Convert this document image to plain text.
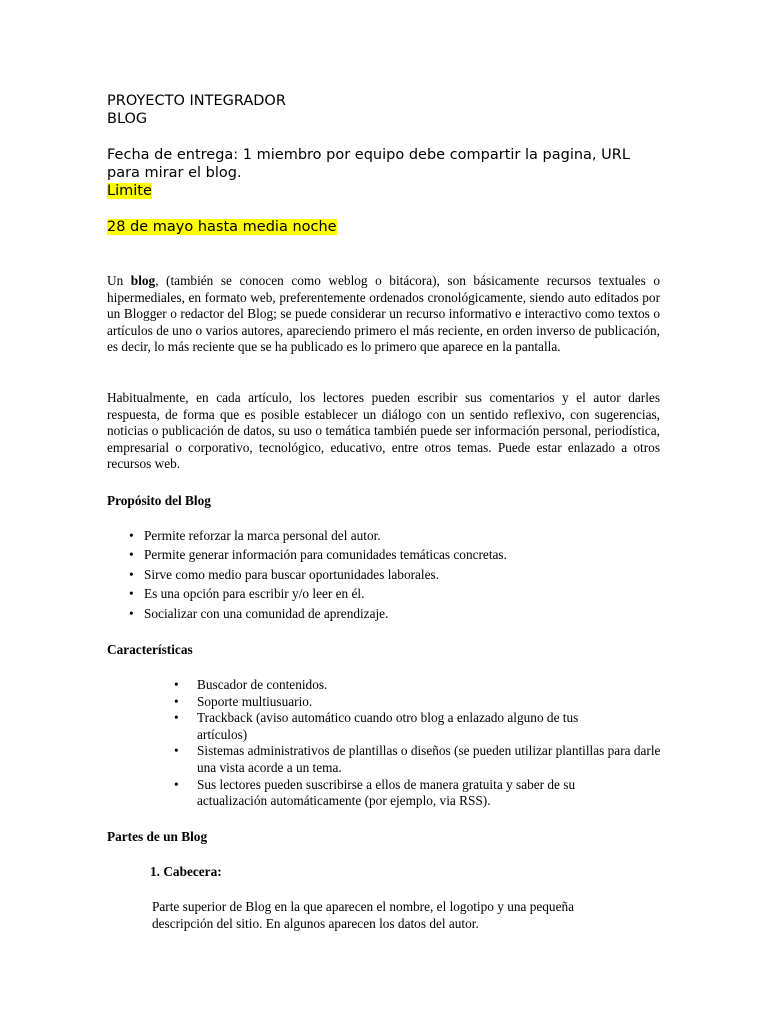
PROYECTO INTEGRADOR
BLOG
Fecha de entrega: 1 miembro por equipo debe compartir la pagina, URL
para mirar el blog.
Limite
28 de mayo hasta media noche

Un blog, (también se conocen como weblog o bitácora), son básicamente recursos textuales o hipermediales, en formato web, preferentemente ordenados cronológicamente, siendo auto editados por un Blogger o redactor del Blog; se puede considerar un recurso informativo e interactivo como textos o artículos de uno o varios autores, apareciendo primero el más reciente, en orden inverso de publicación, es decir, lo más reciente que se ha publicado es lo primero que aparece en la pantalla.

Habitualmente, en cada artículo, los lectores pueden escribir sus comentarios y el autor darles respuesta, de forma que es posible establecer un diálogo con un sentido reflexivo, con sugerencias, noticias o publicación de datos, su uso o temática también puede ser información personal, periodística, empresarial o corporativo, tecnológico, educativo, entre otros temas. Puede estar enlazado a otros recursos web.

Propósito del Blog

• Permite reforzar la marca personal del autor.
• Permite generar información para comunidades temáticas concretas.
• Sirve como medio para buscar oportunidades laborales.
• Es una opción para escribir y/o leer en él.
• Socializar con una comunidad de aprendizaje.

Características

• Buscador de contenidos.
• Soporte multiusuario.
• Trackback (aviso automático cuando otro blog a enlazado alguno de tus artículos)
• Sistemas administrativos de plantillas o diseños (se pueden utilizar plantillas para darle una vista acorde a un tema.
• Sus lectores pueden suscribirse a ellos de manera gratuita y saber de su actualización automáticamente (por ejemplo, via RSS).

Partes de un Blog

1. Cabecera:

Parte superior de Blog en la que aparecen el nombre, el logotipo y una pequeña descripción del sitio. En algunos aparecen los datos del autor.
